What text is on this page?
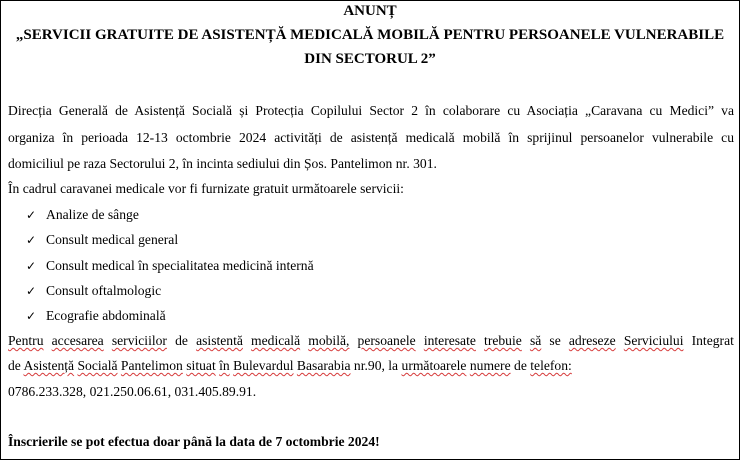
ANUNȚ
„SERVICII GRATUITE DE ASISTENȚĂ MEDICALĂ MOBILĂ PENTRU PERSOANELE VULNERABILE
DIN SECTORUL 2”
Direcția Generală de Asistență Socială și Protecția Copilului Sector 2 în colaborare cu Asociația „Caravana cu Medici” va
organiza în perioada 12-13 octombrie 2024 activități de asistență medicală mobilă în sprijinul persoanelor vulnerabile cu
domiciliul pe raza Sectorului 2, în incinta sediului din Șos. Pantelimon nr. 301.
În cadrul caravanei medicale vor fi furnizate gratuit următoarele servicii:
✓ Analize de sânge
✓ Consult medical general
✓ Consult medical în specialitatea medicină internă
✓ Consult oftalmologic
✓ Ecografie abdominală
Pentru accesarea serviciilor de asistentă medicală mobilă, persoanele interesate trebuie să se adreseze Serviciului Integrat
de Asistență Socială Pantelimon situat în Bulevardul Basarabia nr.90, la următoarele numere de telefon:
0786.233.328, 021.250.06.61, 031.405.89.91.
Înscrierile se pot efectua doar până la data de 7 octombrie 2024!
